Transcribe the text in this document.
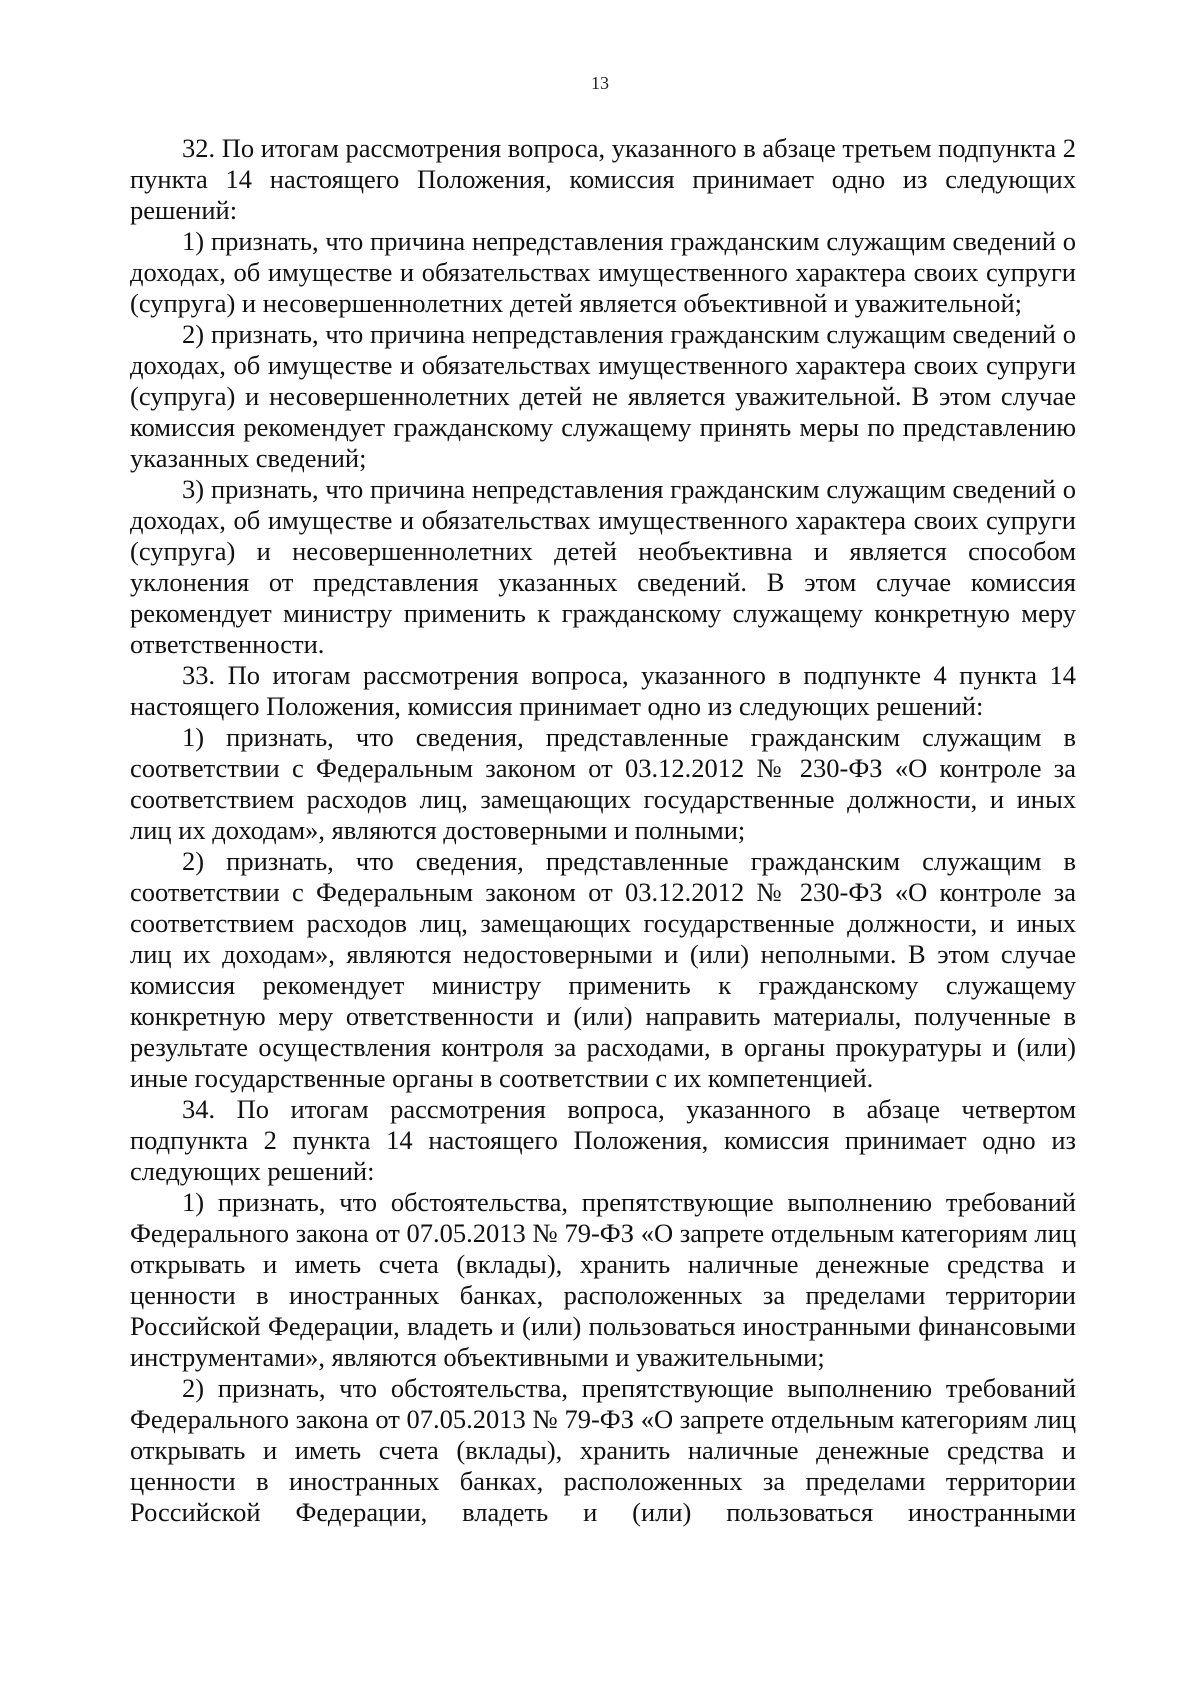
13

32. По итогам рассмотрения вопроса, указанного в абзаце третьем подпункта 2 пункта 14 настоящего Положения, комиссия принимает одно из следующих решений:

1) признать, что причина непредставления гражданским служащим сведений о доходах, об имуществе и обязательствах имущественного характера своих супруги (супруга) и несовершеннолетних детей является объективной и уважительной;

2) признать, что причина непредставления гражданским служащим сведений о доходах, об имуществе и обязательствах имущественного характера своих супруги (супруга) и несовершеннолетних детей не является уважительной. В этом случае комиссия рекомендует гражданскому служащему принять меры по представлению указанных сведений;

3) признать, что причина непредставления гражданским служащим сведений о доходах, об имуществе и обязательствах имущественного характера своих супруги (супруга) и несовершеннолетних детей необъективна и является способом уклонения от представления указанных сведений. В этом случае комиссия рекомендует министру применить к гражданскому служащему конкретную меру ответственности.

33. По итогам рассмотрения вопроса, указанного в подпункте 4 пункта 14 настоящего Положения, комиссия принимает одно из следующих решений:

1) признать, что сведения, представленные гражданским служащим в соответствии с Федеральным законом от 03.12.2012 № 230-ФЗ «О контроле за соответствием расходов лиц, замещающих государственные должности, и иных лиц их доходам», являются достоверными и полными;

2) признать, что сведения, представленные гражданским служащим в соответствии с Федеральным законом от 03.12.2012 № 230-ФЗ «О контроле за соответствием расходов лиц, замещающих государственные должности, и иных лиц их доходам», являются недостоверными и (или) неполными. В этом случае комиссия рекомендует министру применить к гражданскому служащему конкретную меру ответственности и (или) направить материалы, полученные в результате осуществления контроля за расходами, в органы прокуратуры и (или) иные государственные органы в соответствии с их компетенцией.

34. По итогам рассмотрения вопроса, указанного в абзаце четвертом подпункта 2 пункта 14 настоящего Положения, комиссия принимает одно из следующих решений:

1) признать, что обстоятельства, препятствующие выполнению требований Федерального закона от 07.05.2013 № 79-ФЗ «О запрете отдельным категориям лиц открывать и иметь счета (вклады), хранить наличные денежные средства и ценности в иностранных банках, расположенных за пределами территории Российской Федерации, владеть и (или) пользоваться иностранными финансовыми инструментами», являются объективными и уважительными;

2) признать, что обстоятельства, препятствующие выполнению требований Федерального закона от 07.05.2013 № 79-ФЗ «О запрете отдельным категориям лиц открывать и иметь счета (вклады), хранить наличные денежные средства и ценности в иностранных банках, расположенных за пределами территории Российской Федерации, владеть и (или) пользоваться иностранными
